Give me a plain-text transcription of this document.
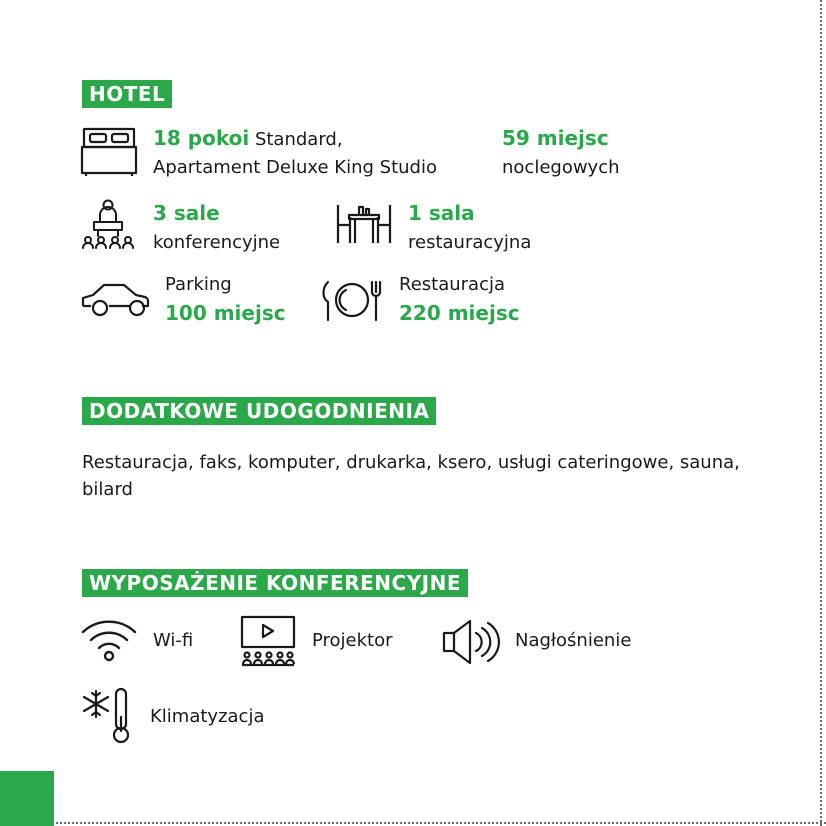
HOTEL
18 pokoi Standard,
Apartament Deluxe King Studio
59 miejsc
noclegowych
3 sale
konferencyjne
1 sala
restauracyjna
Parking
100 miejsc
Restauracja
220 miejsc
DODATKOWE UDOGODNIENIA
Restauracja, faks, komputer, drukarka, ksero, usługi cateringowe, sauna, bilard
WYPOSAŻENIE KONFERENCYJNE
Wi-fi	Projektor	Nagłośnienie
Klimatyzacja
